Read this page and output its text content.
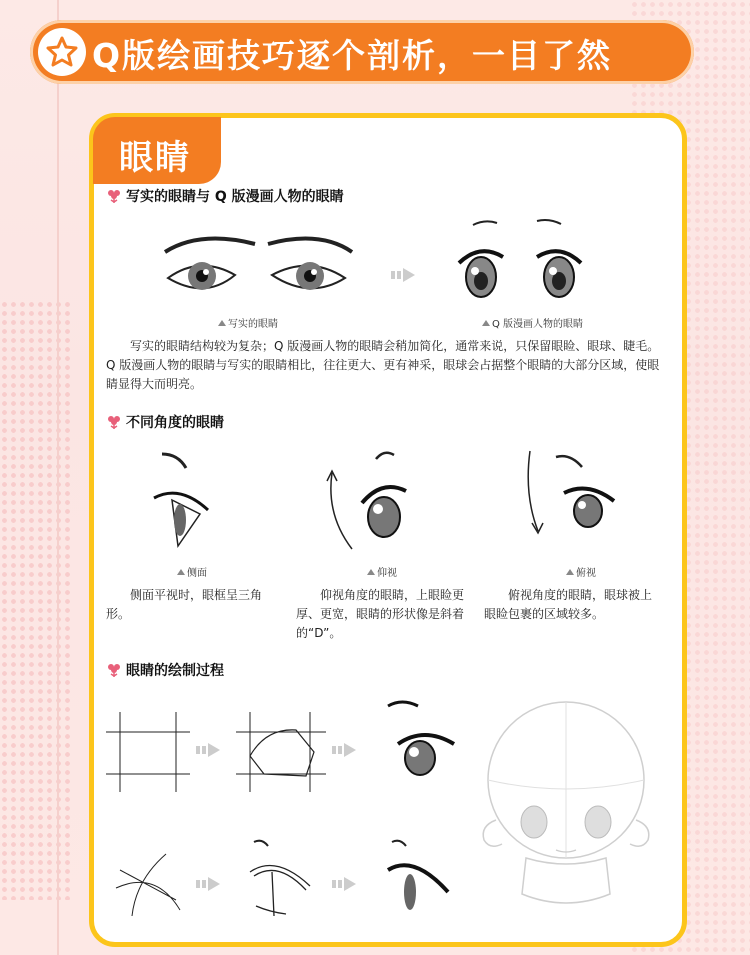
Q版绘画技巧逐个剖析，一目了然
眼睛
写实的眼睛与 Q 版漫画人物的眼睛
写实的眼睛	Q 版漫画人物的眼睛
写实的眼睛结构较为复杂；Q 版漫画人物的眼睛会稍加简化，通常来说，只保留眼睑、眼球、睫毛。Q 版漫画人物的眼睛与写实的眼睛相比，往往更大、更有神采，眼球会占据整个眼睛的大部分区域，使眼睛显得大而明亮。
不同角度的眼睛
侧面	仰视	俯视
侧面平视时，眼框呈三角形。
仰视角度的眼睛，上眼睑更厚、更宽，眼睛的形状像是斜着的“D”。
俯视角度的眼睛，眼球被上眼睑包裹的区域较多。
眼睛的绘制过程
